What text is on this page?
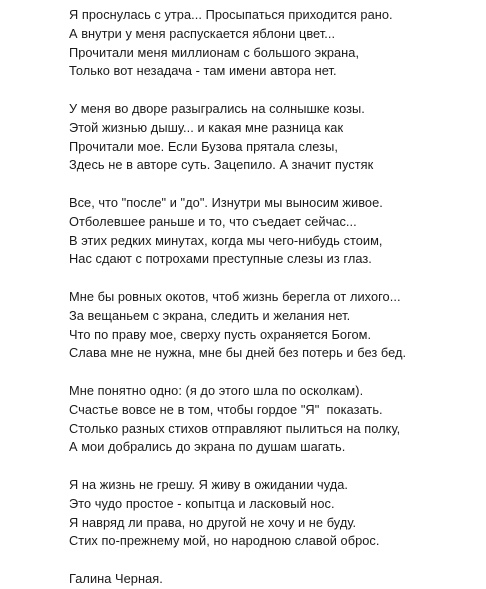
Я проснулась с утра... Просыпаться приходится рано.
А внутри у меня распускается яблони цвет...
Прочитали меня миллионам с большого экрана,
Только вот незадача - там имени автора нет.
У меня во дворе разыгрались на солнышке козы.
Этой жизнью дышу... и какая мне разница как
Прочитали мое. Если Бузова прятала слезы,
Здесь не в авторе суть. Зацепило. А значит пустяк
Все, что "после" и "до". Изнутри мы выносим живое.
Отболевшее раньше и то, что съедает сейчас...
В этих редких минутах, когда мы чего-нибудь стоим,
Нас сдают с потрохами преступные слезы из глаз.
Мне бы ровных окотов, чтоб жизнь берегла от лихого...
За вещаньем с экрана, следить и желания нет.
Что по праву мое, сверху пусть охраняется Богом.
Слава мне не нужна, мне бы дней без потерь и без бед.
Мне понятно одно: (я до этого шла по осколкам).
Счастье вовсе не в том, чтобы гордое "Я"  показать.
Столько разных стихов отправляют пылиться на полку,
А мои добрались до экрана по душам шагать.
Я на жизнь не грешу. Я живу в ожидании чуда.
Это чудо простое - копытца и ласковый нос.
Я навряд ли права, но другой не хочу и не буду.
Стих по-прежнему мой, но народною славой оброс.
Галина Черная.
